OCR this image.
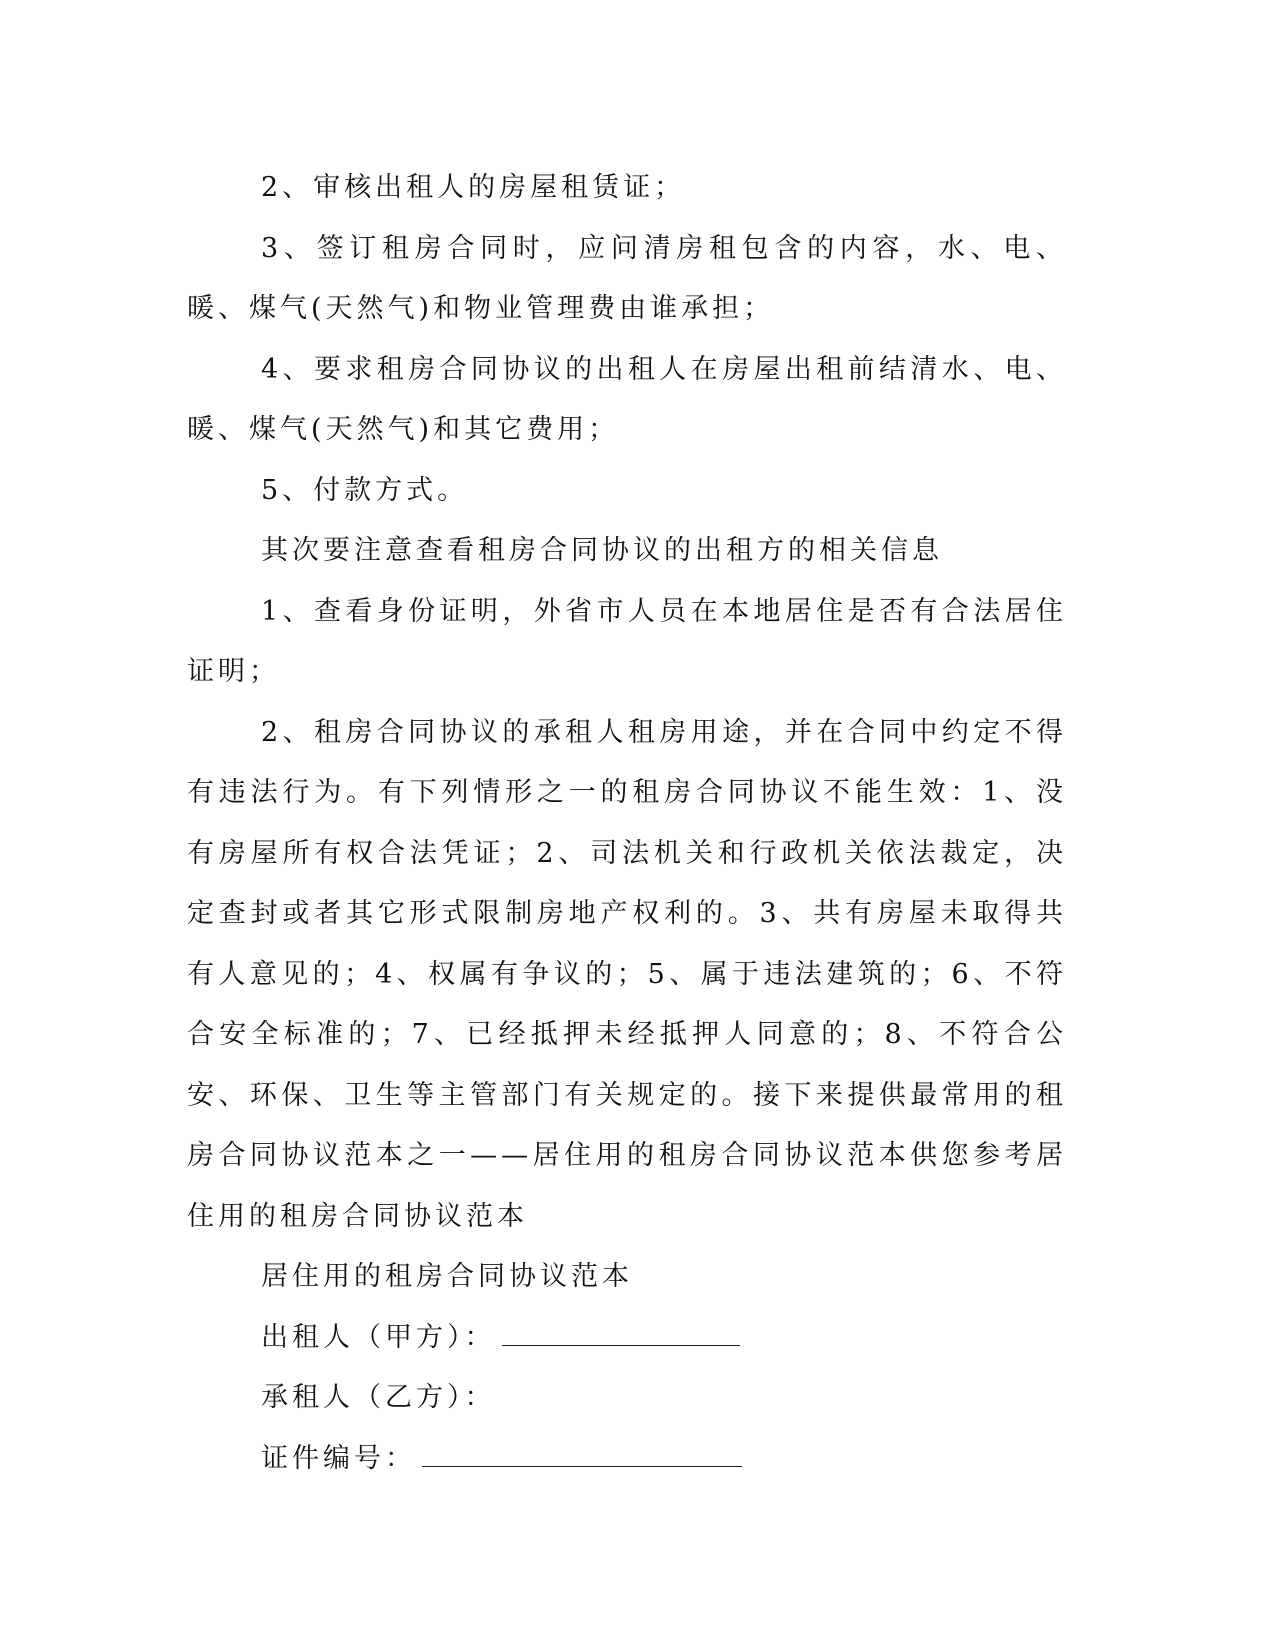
2、审核出租人的房屋租赁证；

3、签订租房合同时，应问清房租包含的内容，水、电、暖、煤气(天然气)和物业管理费由谁承担；

4、要求租房合同协议的出租人在房屋出租前结清水、电、暖、煤气(天然气)和其它费用；

5、付款方式。

其次要注意查看租房合同协议的出租方的相关信息

1、查看身份证明，外省市人员在本地居住是否有合法居住证明；

2、租房合同协议的承租人租房用途，并在合同中约定不得有违法行为。有下列情形之一的租房合同协议不能生效：1、没有房屋所有权合法凭证；2、司法机关和行政机关依法裁定，决定查封或者其它形式限制房地产权利的。3、共有房屋未取得共有人意见的；4、权属有争议的；5、属于违法建筑的；6、不符合安全标准的；7、已经抵押未经抵押人同意的；8、不符合公安、环保、卫生等主管部门有关规定的。接下来提供最常用的租房合同协议范本之一——居住用的租房合同协议范本供您参考居住用的租房合同协议范本

居住用的租房合同协议范本

出租人（甲方）：
承租人（乙方）：
证件编号：
